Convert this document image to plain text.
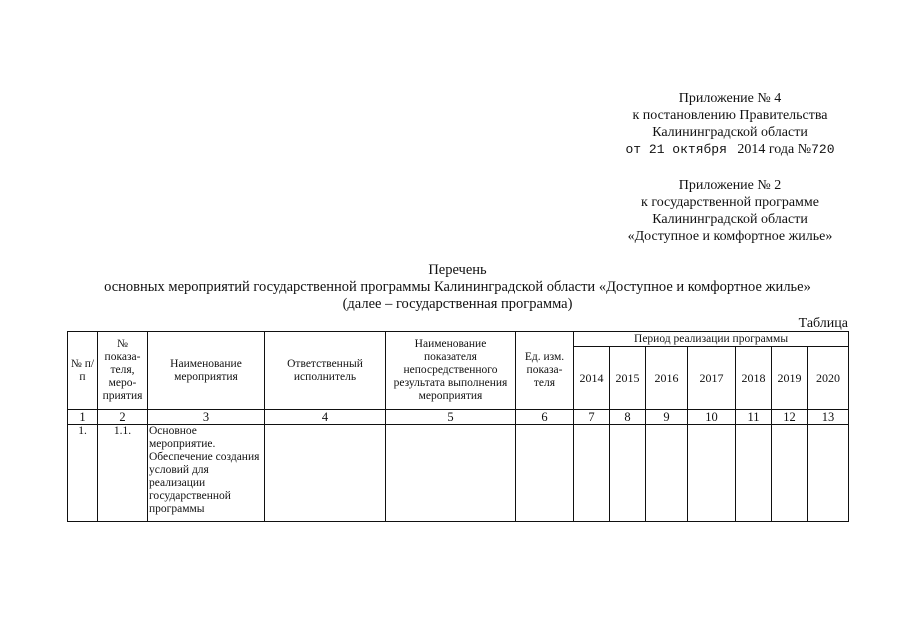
Приложение № 4
к постановлению Правительства
Калининградской области
от 21 октября 2014 года №720
Приложение № 2
к государственной программе
Калининградской области
«Доступное и комфортное жилье»
Перечень
основных мероприятий государственной программы Калининградской области «Доступное и комфортное жилье»
(далее – государственная программа)
Таблица
№ п/п	№ показа-теля, меро-приятия	Наименование мероприятия	Ответственный исполнитель	Наименование показателя непосредственного результата выполнения мероприятия	Ед. изм. показа-теля	Период реализации программы						
						2014	2015	2016	2017	2018	2019	2020
1	2	3	4	5	6	7	8	9	10	11	12	13
1.	1.1.	Основное мероприятие. Обеспечение создания условий для реализации государственной программы										
